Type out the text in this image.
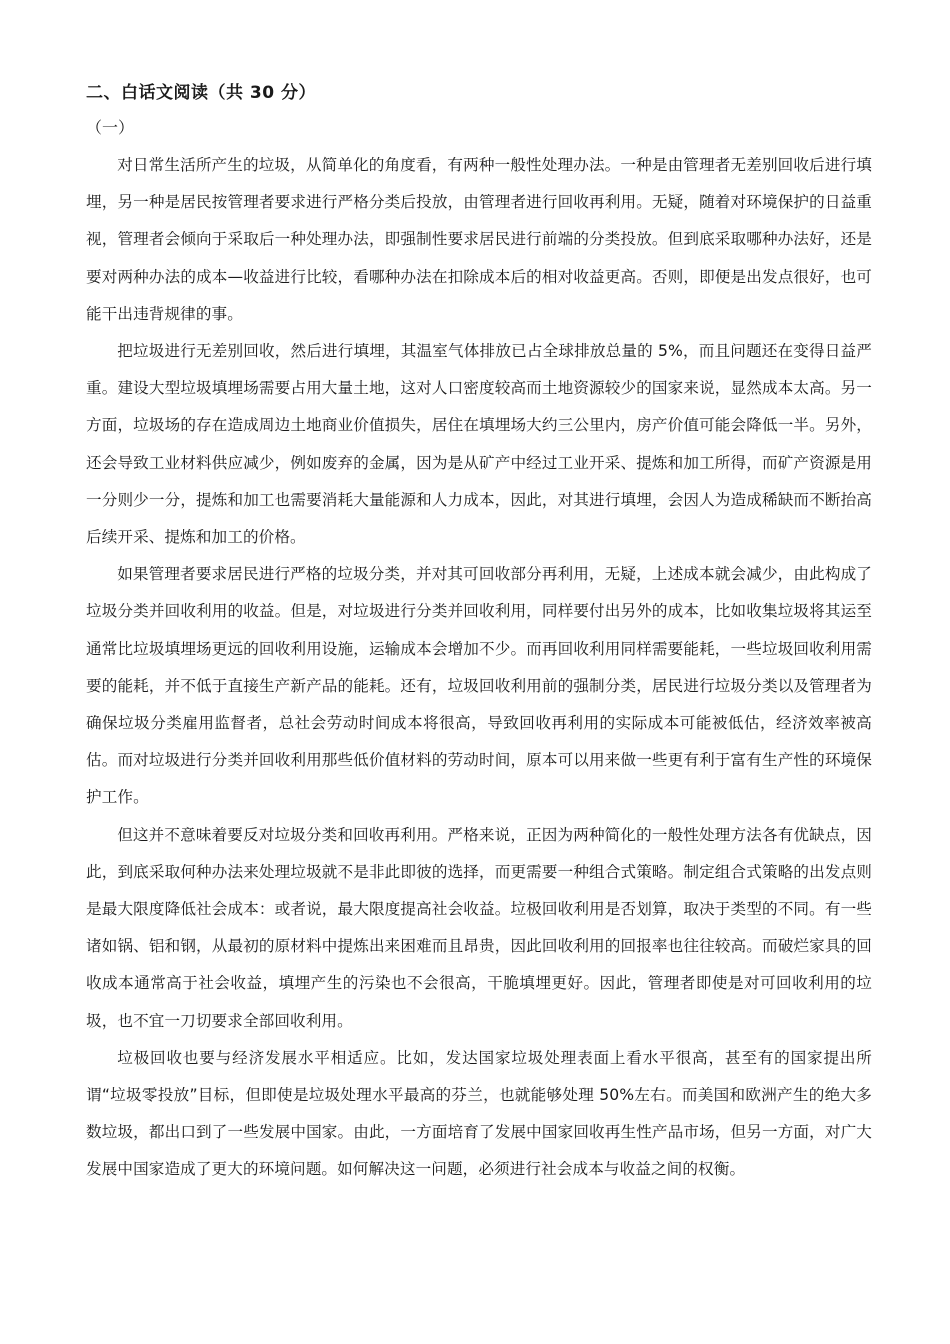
二、白话文阅读（共 30 分）
（一）

对日常生活所产生的垃圾，从简单化的角度看，有两种一般性处理办法。一种是由管理者无差别回收后进行填埋，另一种是居民按管理者要求进行严格分类后投放，由管理者进行回收再利用。无疑，随着对环境保护的日益重视，管理者会倾向于采取后一种处理办法，即强制性要求居民进行前端的分类投放。但到底采取哪种办法好，还是要对两种办法的成本—收益进行比较，看哪种办法在扣除成本后的相对收益更高。否则，即便是出发点很好，也可能干出违背规律的事。

把垃圾进行无差别回收，然后进行填埋，其温室气体排放已占全球排放总量的 5%，而且问题还在变得日益严重。建设大型垃圾填埋场需要占用大量土地，这对人口密度较高而土地资源较少的国家来说，显然成本太高。另一方面，垃圾场的存在造成周边土地商业价值损失，居住在填埋场大约三公里内，房产价值可能会降低一半。另外，还会导致工业材料供应减少，例如废弃的金属，因为是从矿产中经过工业开采、提炼和加工所得，而矿产资源是用一分则少一分，提炼和加工也需要消耗大量能源和人力成本，因此，对其进行填埋，会因人为造成稀缺而不断抬高后续开采、提炼和加工的价格。

如果管理者要求居民进行严格的垃圾分类，并对其可回收部分再利用，无疑，上述成本就会减少，由此构成了垃圾分类并回收利用的收益。但是，对垃圾进行分类并回收利用，同样要付出另外的成本，比如收集垃圾将其运至通常比垃圾填埋场更远的回收利用设施，运输成本会增加不少。而再回收利用同样需要能耗，一些垃圾回收利用需要的能耗，并不低于直接生产新产品的能耗。还有，垃圾回收利用前的强制分类，居民进行垃圾分类以及管理者为确保垃圾分类雇用监督者，总社会劳动时间成本将很高，导致回收再利用的实际成本可能被低估，经济效率被高估。而对垃圾进行分类并回收利用那些低价值材料的劳动时间，原本可以用来做一些更有利于富有生产性的环境保护工作。

但这并不意味着要反对垃圾分类和回收再利用。严格来说，正因为两种简化的一般性处理方法各有优缺点，因此，到底采取何种办法来处理垃圾就不是非此即彼的选择，而更需要一种组合式策略。制定组合式策略的出发点则是最大限度降低社会成本：或者说，最大限度提高社会收益。垃极回收利用是否划算，取决于类型的不同。有一些诸如锅、铝和钢，从最初的原材料中提炼出来困难而且昂贵，因此回收利用的回报率也往往较高。而破烂家具的回收成本通常高于社会收益，填埋产生的污染也不会很高，干脆填埋更好。因此，管理者即使是对可回收利用的垃圾，也不宜一刀切要求全部回收利用。

垃极回收也要与经济发展水平相适应。比如，发达国家垃圾处理表面上看水平很高，甚至有的国家提出所谓“垃圾零投放”目标，但即使是垃圾处理水平最高的芬兰，也就能够处理 50%左右。而美国和欧洲产生的绝大多数垃圾，都出口到了一些发展中国家。由此，一方面培育了发展中国家回收再生性产品市场，但另一方面，对广大发展中国家造成了更大的环境问题。如何解决这一问题，必须进行社会成本与收益之间的权衡。
